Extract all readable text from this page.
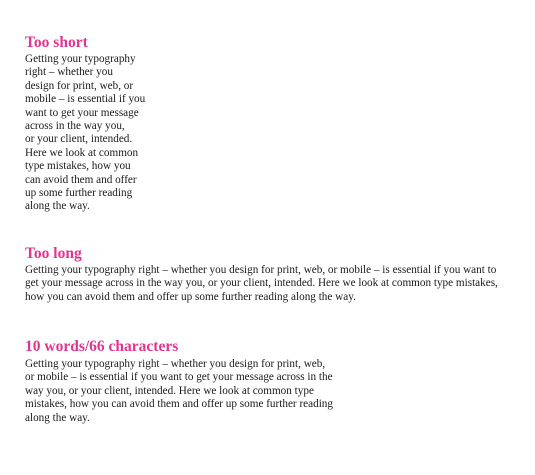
Too short

Getting your typography
right – whether you
design for print, web, or
mobile – is essential if you
want to get your message
across in the way you,
or your client, intended.
Here we look at common
type mistakes, how you
can avoid them and offer
up some further reading
along the way.

Too long

Getting your typography right – whether you design for print, web, or mobile – is essential if you want to
get your message across in the way you, or your client, intended. Here we look at common type mistakes,
how you can avoid them and offer up some further reading along the way.

10 words/66 characters

Getting your typography right – whether you design for print, web,
or mobile – is essential if you want to get your message across in the
way you, or your client, intended. Here we look at common type
mistakes, how you can avoid them and offer up some further reading
along the way.
